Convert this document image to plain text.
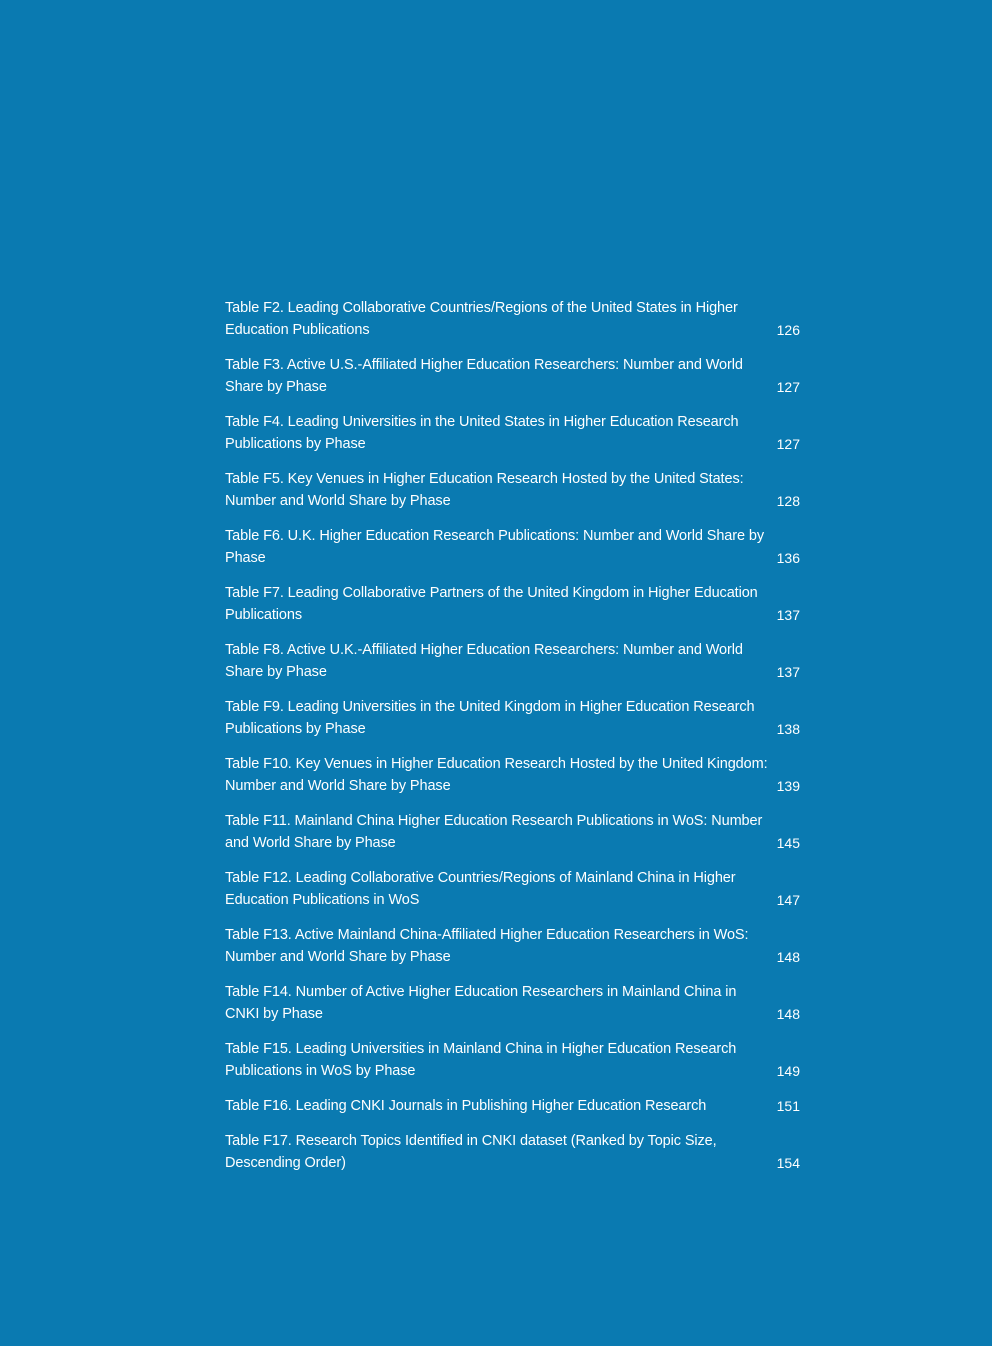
Table F2. Leading Collaborative Countries/Regions of the United States in Higher Education Publications	126
Table F3. Active U.S.-Affiliated Higher Education Researchers: Number and World Share by Phase	127
Table F4. Leading Universities in the United States in Higher Education Research Publications by Phase	127
Table F5. Key Venues in Higher Education Research Hosted by the United States: Number and World Share by Phase	128
Table F6. U.K. Higher Education Research Publications: Number and World Share by Phase	136
Table F7. Leading Collaborative Partners of the United Kingdom in Higher Education Publications	137
Table F8. Active U.K.-Affiliated Higher Education Researchers: Number and World Share by Phase	137
Table F9. Leading Universities in the United Kingdom in Higher Education Research Publications by Phase	138
Table F10. Key Venues in Higher Education Research Hosted by the United Kingdom: Number and World Share by Phase	139
Table F11. Mainland China Higher Education Research Publications in WoS: Number and World Share by Phase	145
Table F12. Leading Collaborative Countries/Regions of Mainland China in Higher Education Publications in WoS	147
Table F13. Active Mainland China-Affiliated Higher Education Researchers in WoS: Number and World Share by Phase	148
Table F14. Number of Active Higher Education Researchers in Mainland China in CNKI by Phase	148
Table F15. Leading Universities in Mainland China in Higher Education Research Publications in WoS by Phase	149
Table F16. Leading CNKI Journals in Publishing Higher Education Research	151
Table F17. Research Topics Identified in CNKI dataset (Ranked by Topic Size, Descending Order)	154
